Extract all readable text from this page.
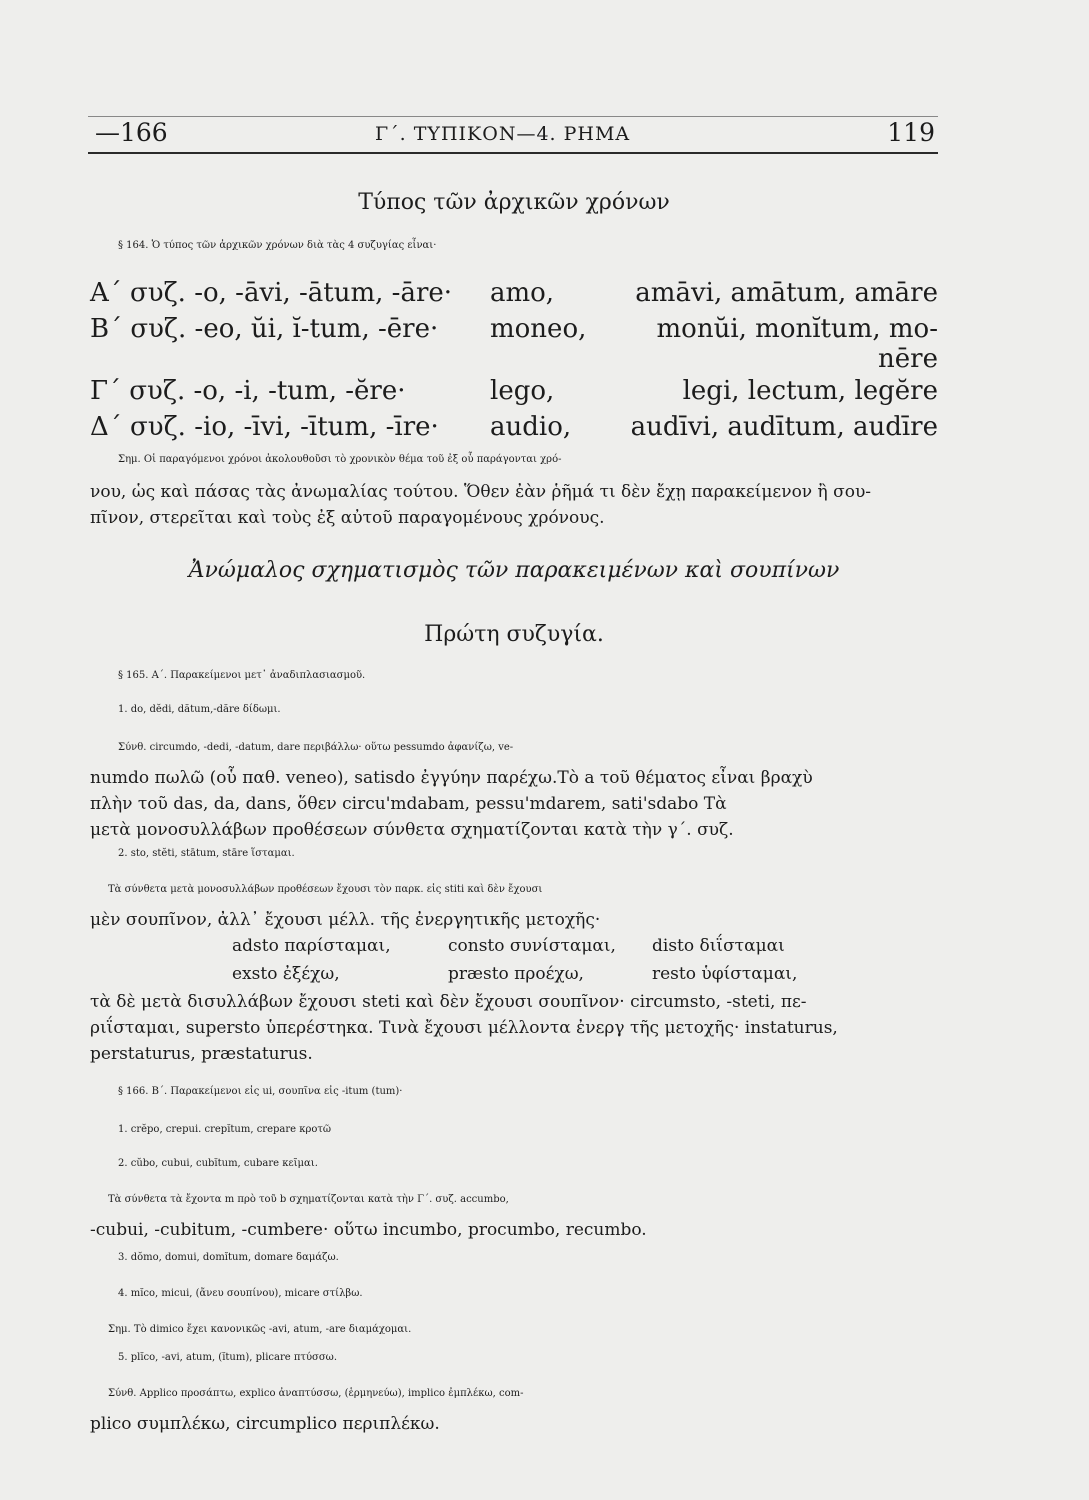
—166	Γ΄. ΤΥΠΙΚΟΝ—4. ΡΗΜΑ	119
Τύπος τῶν ἀρχικῶν χρόνων
§ 164. Ὁ τύπος τῶν ἀρχικῶν χρόνων διὰ τὰς 4 συζυγίας εἶναι·
Α΄ συζ. -o, -āvi, -ātum, -āre· amo,	amāvi, amātum, amāre
Β΄ συζ. -eo, ŭi, ĭ-tum, -ēre· moneo,	monŭi, monĭtum, mo-
nēre
Γ΄ συζ. -o, -i, -tum, -ĕre·	lego,	legi, lectum, legĕre
Δ΄ συζ. -io, -īvi, -ītum, -īre· audio, audīvi, audītum, audīre
Σημ. Οἱ παραγόμενοι χρόνοι ἀκολουθοῦσι τὸ χρονικὸν θέμα τοῦ ἐξ οὗ παράγονται χρό-
νου, ὡς καὶ πάσας τὰς ἀνωμαλίας τούτου. Ὅθεν ἐὰν ῥῆμά τι δὲν ἔχῃ παρακείμενον ἢ σου-
πῖνον, στερεῖται καὶ τοὺς ἐξ αὐτοῦ παραγομένους χρόνους.
Ἀνώμαλος σχηματισμὸς τῶν παρακειμένων καὶ σουπίνων
Πρώτη συζυγία.
§ 165. Α΄. Παρακείμενοι μετ᾿ ἀναδιπλασιασμοῦ.
1. do, dĕdi, dătum,-dăre δίδωμι.
Σύνθ. circumdo, -dedi, -datum, dare περιβάλλω· οὕτω pessumdo ἀφανίζω, ve-
numdo πωλῶ (οὗ παθ. veneo), satisdo ἐγγύην παρέχω.Τὸ a τοῦ θέματος εἶναι βραχὺ
πλὴν τοῦ das, da, dans, ὅθεν circu'mdabam, pessu'mdarem, sati'sdabo Τὰ
μετὰ μονοσυλλάβων προθέσεων σύνθετα σχηματίζονται κατὰ τὴν γ΄. συζ.
2. sto, stĕti, stātum, stāre ἵσταμαι.
Τὰ σύνθετα μετὰ μονοσυλλάβων προθέσεων ἔχουσι τὸν παρκ. εἰς stiti καὶ δὲν ἔχουσι
μὲν σουπῖνον, ἀλλ᾿ ἔχουσι μέλλ. τῆς ἐνεργητικῆς μετοχῆς·
adsto παρίσταμαι,	consto συνίσταμαι, disto διΐσταμαι
exsto ἐξέχω,	præsto προέχω,	resto ὑφίσταμαι,
τὰ δὲ μετὰ δισυλλάβων ἔχουσι steti καὶ δὲν ἔχουσι σουπῖνον· circumsto, -steti, πε-
ριΐσταμαι, supersto ὑπερέστηκα. Τινὰ ἔχουσι μέλλοντα ἐνεργ τῆς μετοχῆς· instaturus,
perstaturus, præstaturus.
§ 166. Β΄. Παρακείμενοι εἰς ui, σουπῖνα εἰς -itum (tum)·
1. crĕpo, crepui. crepĭtum, crepare κροτῶ
2. cŭbo, cubui, cubĭtum, cubare κεῖμαι.
Τὰ σύνθετα τὰ ἔχοντα m πρὸ τοῦ b σχηματίζονται κατὰ τὴν Γ΄. συζ. accumbo,
-cubui, -cubitum, -cumbere· οὕτω incumbo, procumbo, recumbo.
3. dŏmo, domui, domĭtum, domare δαμάζω.
4. mĭco, micui, (ἄνευ σουπίνου), micare στίλβω.
Σημ. Τὸ dimico ἔχει κανονικῶς -avi, atum, -are διαμάχομαι.
5. plĭco, -avi, atum, (ĭtum), plicare πτύσσω.
Σύνθ. Applico προσάπτω, explico ἀναπτύσσω, (ἑρμηνεύω), implico ἐμπλέκω, com-
plico συμπλέκω, circumplico περιπλέκω.
